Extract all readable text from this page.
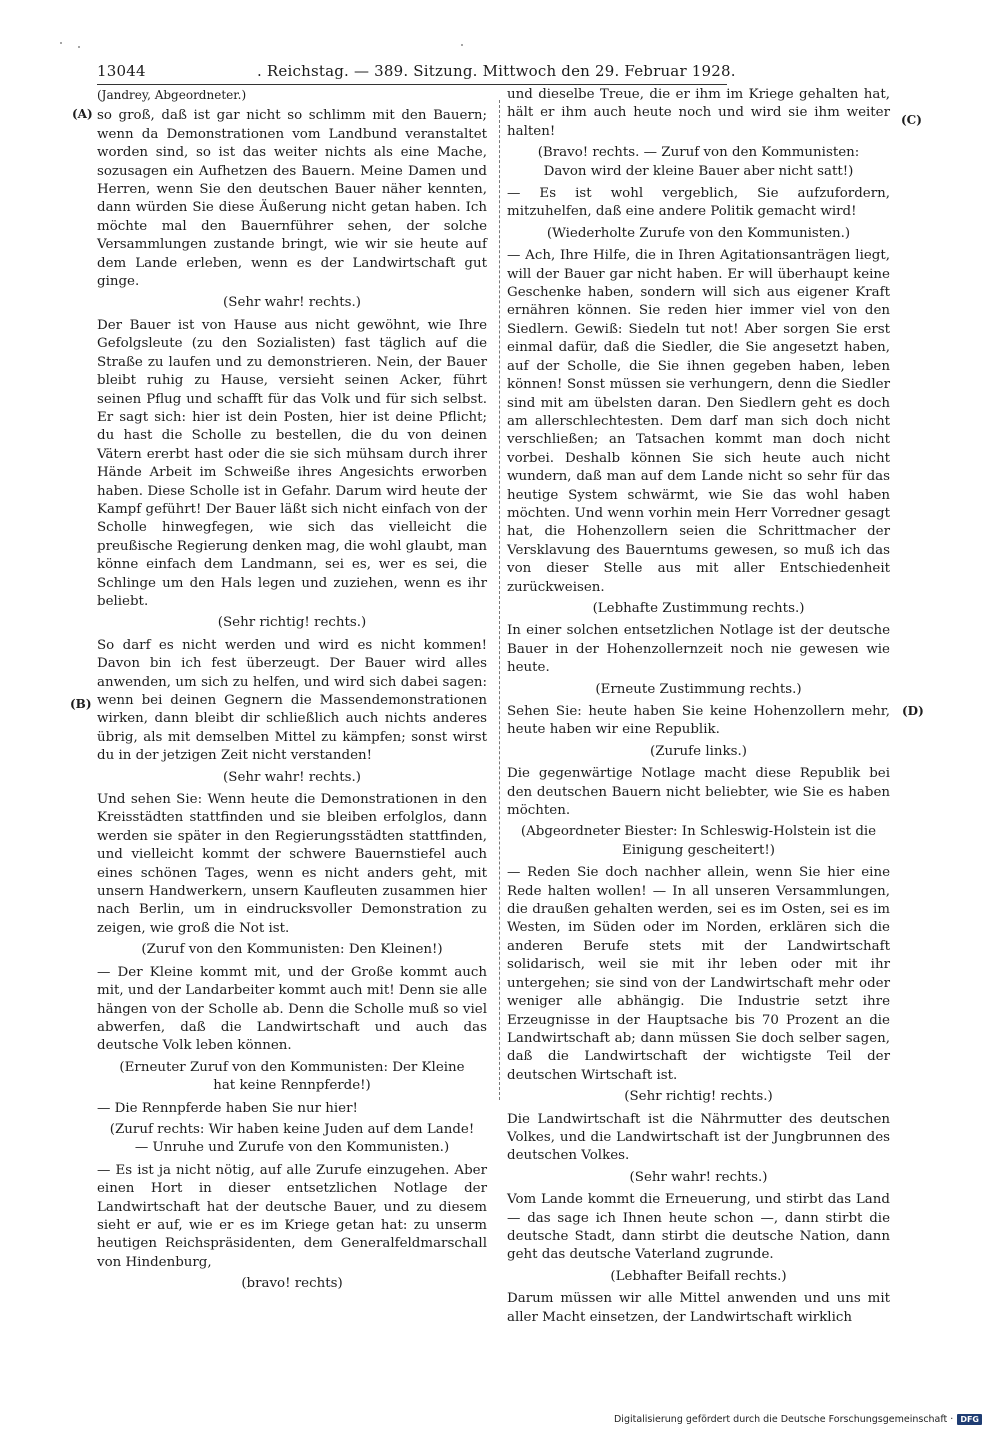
13044	. Reichstag. — 389. Sitzung. Mittwoch den 29. Februar 1928.
(A)
(B)
(C)
(D)

(Jandrey, Abgeordneter.)

so groß, daß ist gar nicht so schlimm mit den Bauern; wenn da Demonstrationen vom Landbund veranstaltet worden sind, so ist das weiter nichts als eine Mache, sozusagen ein Aufhetzen des Bauern. Meine Damen und Herren, wenn Sie den deutschen Bauer näher kennten, dann würden Sie diese Äußerung nicht getan haben. Ich möchte mal den Bauernführer sehen, der solche Versammlungen zustande bringt, wie wir sie heute auf dem Lande erleben, wenn es der Landwirtschaft gut ginge.

(Sehr wahr! rechts.)

Der Bauer ist von Hause aus nicht gewöhnt, wie Ihre Gefolgsleute (zu den Sozialisten) fast täglich auf die Straße zu laufen und zu demonstrieren. Nein, der Bauer bleibt ruhig zu Hause, versieht seinen Acker, führt seinen Pflug und schafft für das Volk und für sich selbst. Er sagt sich: hier ist dein Posten, hier ist deine Pflicht; du hast die Scholle zu bestellen, die du von deinen Vätern ererbt hast oder die sie sich mühsam durch ihrer Hände Arbeit im Schweiße ihres Angesichts erworben haben. Diese Scholle ist in Gefahr. Darum wird heute der Kampf geführt! Der Bauer läßt sich nicht einfach von der Scholle hinwegfegen, wie sich das vielleicht die preußische Regierung denken mag, die wohl glaubt, man könne einfach dem Landmann, sei es, wer es sei, die Schlinge um den Hals legen und zuziehen, wenn es ihr beliebt.

(Sehr richtig! rechts.)

So darf es nicht werden und wird es nicht kommen! Davon bin ich fest überzeugt. Der Bauer wird alles anwenden, um sich zu helfen, und wird sich dabei sagen: wenn bei deinen Gegnern die Massendemonstrationen wirken, dann bleibt dir schließlich auch nichts anderes übrig, als mit demselben Mittel zu kämpfen; sonst wirst du in der jetzigen Zeit nicht verstanden!

(Sehr wahr! rechts.)

Und sehen Sie: Wenn heute die Demonstrationen in den Kreisstädten stattfinden und sie bleiben erfolglos, dann werden sie später in den Regierungsstädten stattfinden, und vielleicht kommt der schwere Bauernstiefel auch eines schönen Tages, wenn es nicht anders geht, mit unsern Handwerkern, unsern Kaufleuten zusammen hier nach Berlin, um in eindrucksvoller Demonstration zu zeigen, wie groß die Not ist.

(Zuruf von den Kommunisten: Den Kleinen!)

— Der Kleine kommt mit, und der Große kommt auch mit, und der Landarbeiter kommt auch mit! Denn sie alle hängen von der Scholle ab. Denn die Scholle muß so viel abwerfen, daß die Landwirtschaft und auch das deutsche Volk leben können.

(Erneuter Zuruf von den Kommunisten: Der Kleine hat keine Rennpferde!)

— Die Rennpferde haben Sie nur hier!

(Zuruf rechts: Wir haben keine Juden auf dem Lande! — Unruhe und Zurufe von den Kommunisten.)

— Es ist ja nicht nötig, auf alle Zurufe einzugehen. Aber einen Hort in dieser entsetzlichen Notlage der Landwirtschaft hat der deutsche Bauer, und zu diesem sieht er auf, wie er es im Kriege getan hat: zu unserm heutigen Reichspräsidenten, dem Generalfeldmarschall von Hindenburg,

(bravo! rechts)

und dieselbe Treue, die er ihm im Kriege gehalten hat, hält er ihm auch heute noch und wird sie ihm weiter halten!

(Bravo! rechts. — Zuruf von den Kommunisten: Davon wird der kleine Bauer aber nicht satt!)

— Es ist wohl vergeblich, Sie aufzufordern, mitzuhelfen, daß eine andere Politik gemacht wird!

(Wiederholte Zurufe von den Kommunisten.)

— Ach, Ihre Hilfe, die in Ihren Agitationsanträgen liegt, will der Bauer gar nicht haben. Er will überhaupt keine Geschenke haben, sondern will sich aus eigener Kraft ernähren können. Sie reden hier immer viel von den Siedlern. Gewiß: Siedeln tut not! Aber sorgen Sie erst einmal dafür, daß die Siedler, die Sie angesetzt haben, auf der Scholle, die Sie ihnen gegeben haben, leben können! Sonst müssen sie verhungern, denn die Siedler sind mit am übelsten daran. Den Siedlern geht es doch am allerschlechtesten. Dem darf man sich doch nicht verschließen; an Tatsachen kommt man doch nicht vorbei. Deshalb können Sie sich heute auch nicht wundern, daß man auf dem Lande nicht so sehr für das heutige System schwärmt, wie Sie das wohl haben möchten. Und wenn vorhin mein Herr Vorredner gesagt hat, die Hohenzollern seien die Schrittmacher der Versklavung des Bauerntums gewesen, so muß ich das von dieser Stelle aus mit aller Entschiedenheit zurückweisen.

(Lebhafte Zustimmung rechts.)

In einer solchen entsetzlichen Notlage ist der deutsche Bauer in der Hohenzollernzeit noch nie gewesen wie heute.

(Erneute Zustimmung rechts.)

Sehen Sie: heute haben Sie keine Hohenzollern mehr, heute haben wir eine Republik.

(Zurufe links.)

Die gegenwärtige Notlage macht diese Republik bei den deutschen Bauern nicht beliebter, wie Sie es haben möchten.

(Abgeordneter Biester: In Schleswig-Holstein ist die Einigung gescheitert!)

— Reden Sie doch nachher allein, wenn Sie hier eine Rede halten wollen! — In all unseren Versammlungen, die draußen gehalten werden, sei es im Osten, sei es im Westen, im Süden oder im Norden, erklären sich die anderen Berufe stets mit der Landwirtschaft solidarisch, weil sie mit ihr leben oder mit ihr untergehen; sie sind von der Landwirtschaft mehr oder weniger alle abhängig. Die Industrie setzt ihre Erzeugnisse in der Hauptsache bis 70 Prozent an die Landwirtschaft ab; dann müssen Sie doch selber sagen, daß die Landwirtschaft der wichtigste Teil der deutschen Wirtschaft ist.

(Sehr richtig! rechts.)

Die Landwirtschaft ist die Nährmutter des deutschen Volkes, und die Landwirtschaft ist der Jungbrunnen des deutschen Volkes.

(Sehr wahr! rechts.)

Vom Lande kommt die Erneuerung, und stirbt das Land — das sage ich Ihnen heute schon —, dann stirbt die deutsche Stadt, dann stirbt die deutsche Nation, dann geht das deutsche Vaterland zugrunde.

(Lebhafter Beifall rechts.)

Darum müssen wir alle Mittel anwenden und uns mit aller Macht einsetzen, der Landwirtschaft wirklich

Digitalisierung gefördert durch die Deutsche Forschungsgemeinschaft · DFG
